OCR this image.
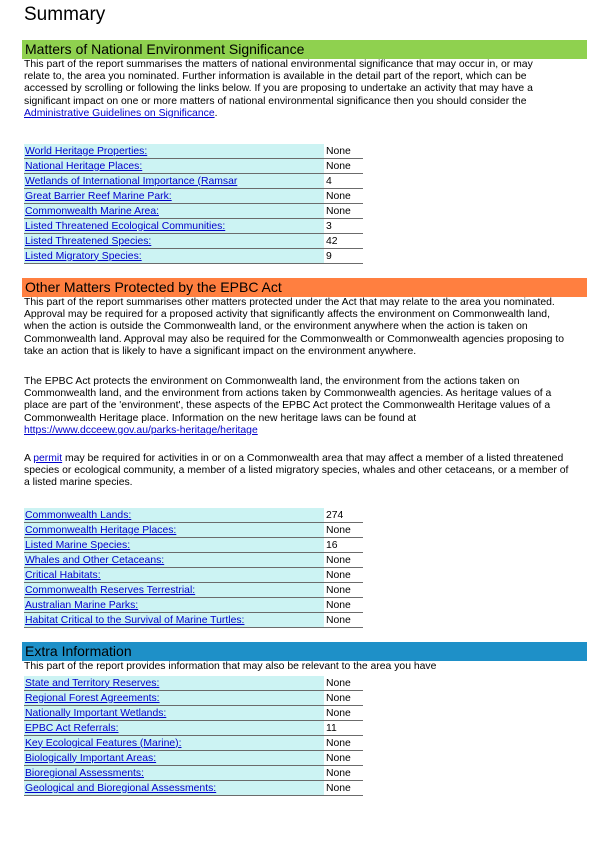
Summary
Matters of National Environment Significance
This part of the report summarises the matters of national environmental significance that may occur in, or may
relate to, the area you nominated. Further information is available in the detail part of the report, which can be
accessed by scrolling or following the links below. If you are proposing to undertake an activity that may have a
significant impact on one or more matters of national environmental significance then you should consider the
Administrative Guidelines on Significance.
World Heritage Properties:	None
National Heritage Places:	None
Wetlands of International Importance (Ramsar	4
Great Barrier Reef Marine Park:	None
Commonwealth Marine Area:	None
Listed Threatened Ecological Communities:	3
Listed Threatened Species:	42
Listed Migratory Species:	9
Other Matters Protected by the EPBC Act
This part of the report summarises other matters protected under the Act that may relate to the area you nominated.
Approval may be required for a proposed activity that significantly affects the environment on Commonwealth land,
when the action is outside the Commonwealth land, or the environment anywhere when the action is taken on
Commonwealth land. Approval may also be required for the Commonwealth or Commonwealth agencies proposing to
take an action that is likely to have a significant impact on the environment anywhere.
The EPBC Act protects the environment on Commonwealth land, the environment from the actions taken on
Commonwealth land, and the environment from actions taken by Commonwealth agencies. As heritage values of a
place are part of the 'environment', these aspects of the EPBC Act protect the Commonwealth Heritage values of a
Commonwealth Heritage place. Information on the new heritage laws can be found at
https://www.dcceew.gov.au/parks-heritage/heritage
A permit may be required for activities in or on a Commonwealth area that may affect a member of a listed threatened
species or ecological community, a member of a listed migratory species, whales and other cetaceans, or a member of
a listed marine species.
Commonwealth Lands:	274
Commonwealth Heritage Places:	None
Listed Marine Species:	16
Whales and Other Cetaceans:	None
Critical Habitats:	None
Commonwealth Reserves Terrestrial:	None
Australian Marine Parks:	None
Habitat Critical to the Survival of Marine Turtles:	None
Extra Information
This part of the report provides information that may also be relevant to the area you have
State and Territory Reserves:	None
Regional Forest Agreements:	None
Nationally Important Wetlands:	None
EPBC Act Referrals:	11
Key Ecological Features (Marine):	None
Biologically Important Areas:	None
Bioregional Assessments:	None
Geological and Bioregional Assessments:	None
